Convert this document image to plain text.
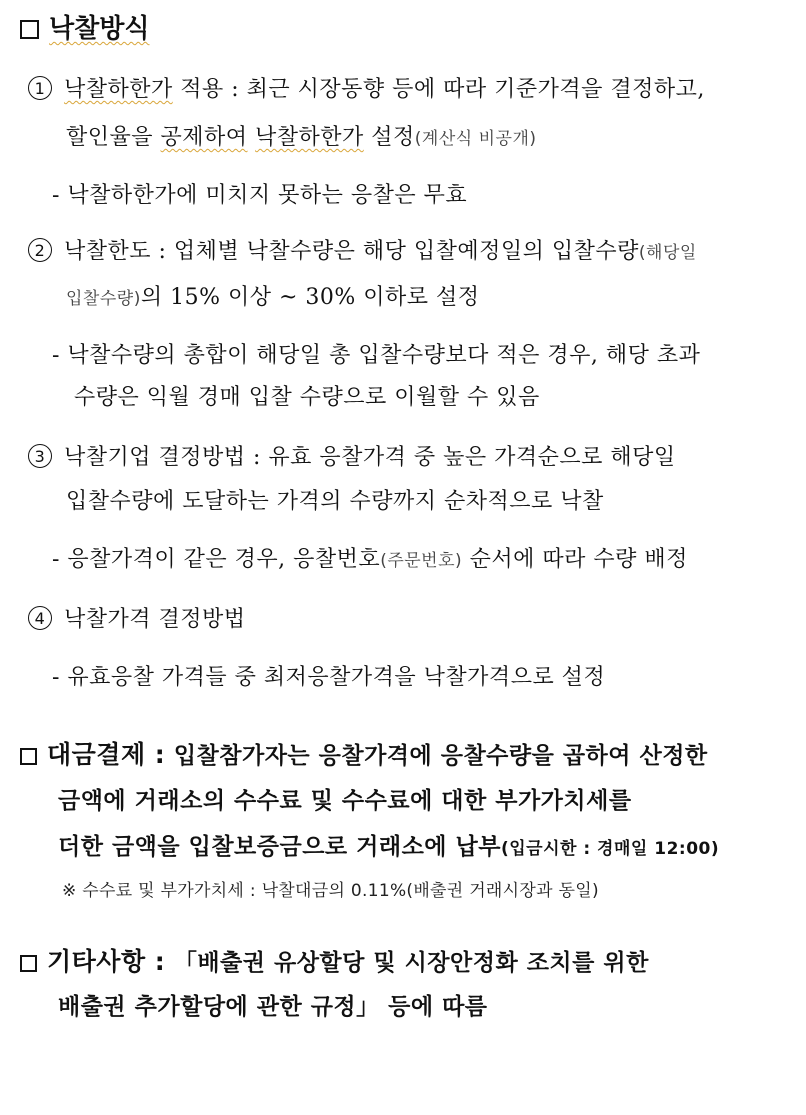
낙찰방식
1 낙찰하한가 적용 : 최근 시장동향 등에 따라 기준가격을 결정하고,
할인율을 공제하여 낙찰하한가 설정(계산식 비공개)
- 낙찰하한가에 미치지 못하는 응찰은 무효
2 낙찰한도 : 업체별 낙찰수량은 해당 입찰예정일의 입찰수량(해당일
입찰수량)의 15% 이상 ~ 30% 이하로 설정
- 낙찰수량의 총합이 해당일 총 입찰수량보다 적은 경우, 해당 초과
수량은 익월 경매 입찰 수량으로 이월할 수 있음
3 낙찰기업 결정방법 : 유효 응찰가격 중 높은 가격순으로 해당일
입찰수량에 도달하는 가격의 수량까지 순차적으로 낙찰
- 응찰가격이 같은 경우, 응찰번호(주문번호) 순서에 따라 수량 배정
4 낙찰가격 결정방법
- 유효응찰 가격들 중 최저응찰가격을 낙찰가격으로 설정
대금결제 : 입찰참가자는 응찰가격에 응찰수량을 곱하여 산정한
금액에 거래소의 수수료 및 수수료에 대한 부가가치세를
더한 금액을 입찰보증금으로 거래소에 납부(입금시한 : 경매일 12:00)
※ 수수료 및 부가가치세 : 낙찰대금의 0.11%(배출권 거래시장과 동일)
기타사항 : 「배출권 유상할당 및 시장안정화 조치를 위한
배출권 추가할당에 관한 규정」 등에 따름
